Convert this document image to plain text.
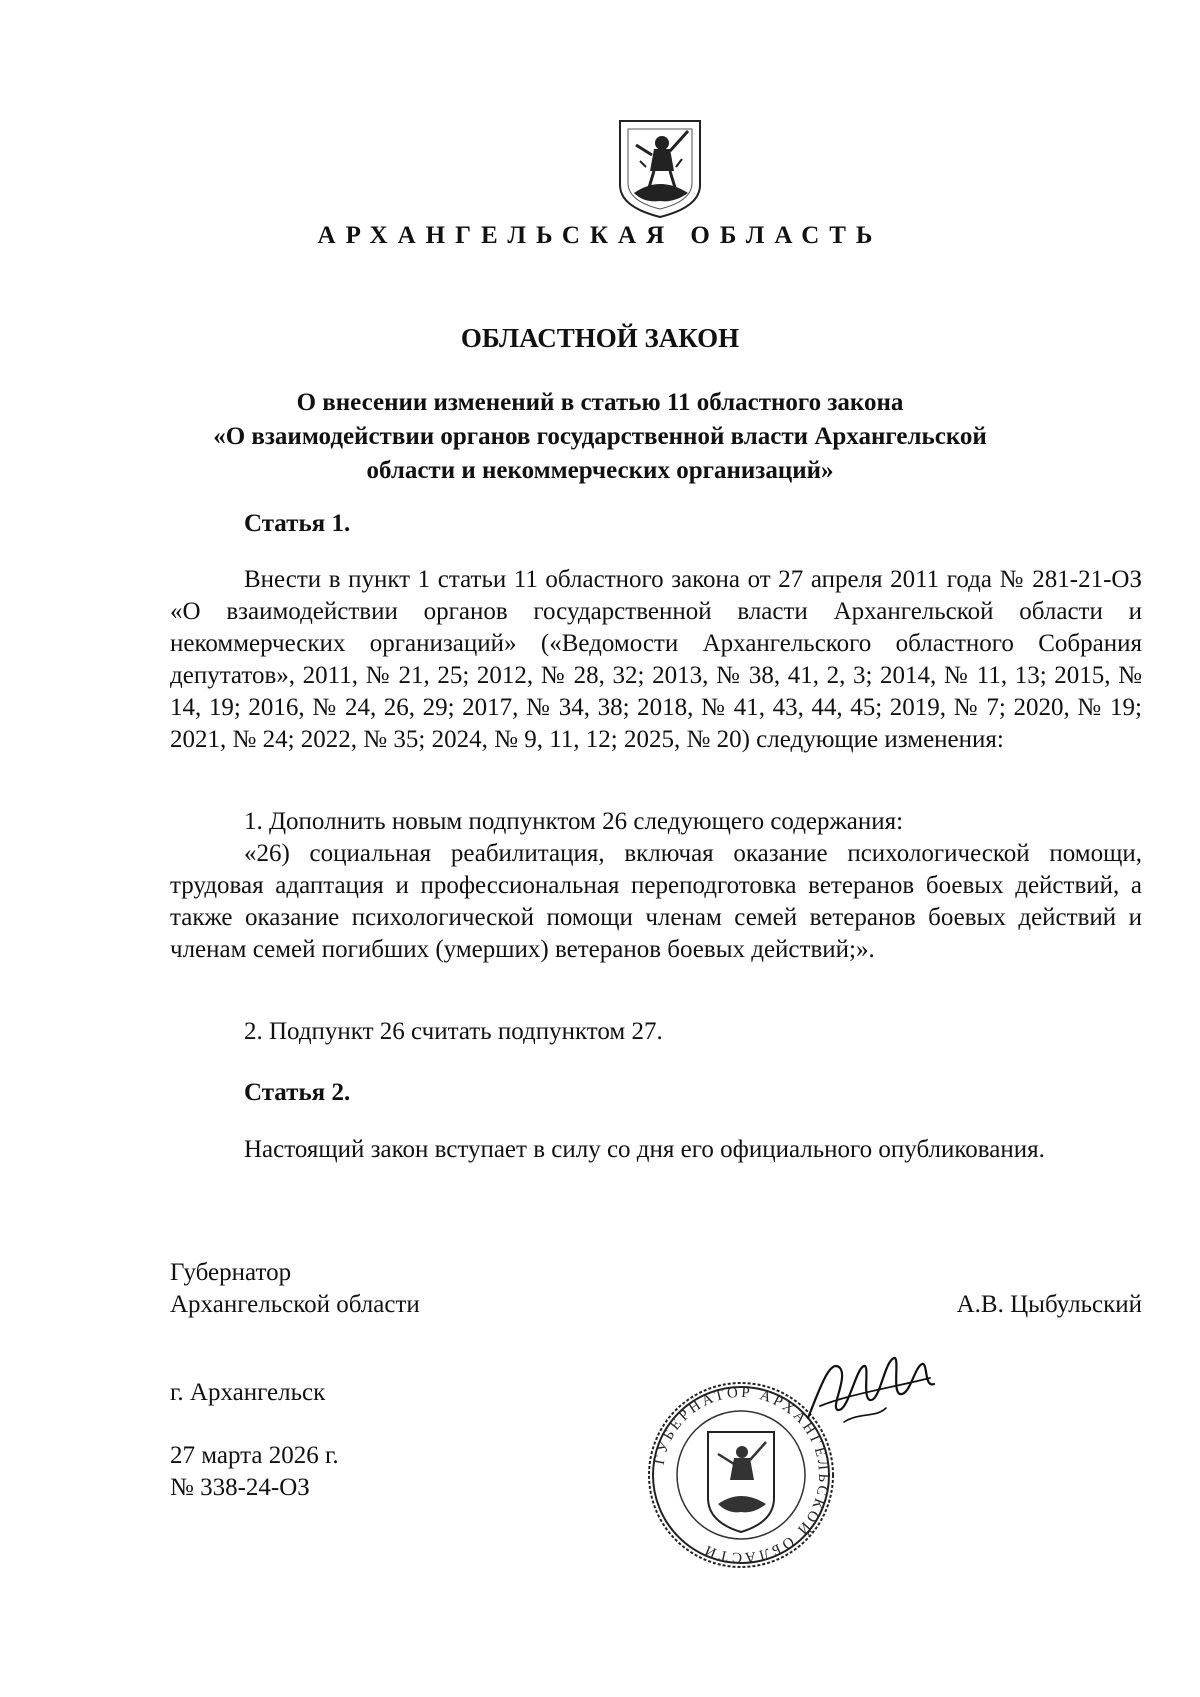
АРХАНГЕЛЬСКАЯ ОБЛАСТЬ
ОБЛАСТНОЙ ЗАКОН
О внесении изменений в статью 11 областного закона
«О взаимодействии органов государственной власти Архангельской
области и некоммерческих организаций»
Статья 1.
Внести в пункт 1 статьи 11 областного закона от 27 апреля 2011 года № 281-21-ОЗ «О взаимодействии органов государственной власти Архангельской области и некоммерческих организаций» («Ведомости Архангельского областного Собрания депутатов», 2011, № 21, 25; 2012, № 28, 32; 2013, № 38, 41, 2, 3; 2014, № 11, 13; 2015, № 14, 19; 2016, № 24, 26, 29; 2017, № 34, 38; 2018, № 41, 43, 44, 45; 2019, № 7; 2020, № 19; 2021, № 24; 2022, № 35; 2024, № 9, 11, 12; 2025, № 20) следующие изменения:
1. Дополнить новым подпунктом 26 следующего содержания:
«26) социальная реабилитация, включая оказание психологической помощи, трудовая адаптация и профессиональная переподготовка ветеранов боевых действий, а также оказание психологической помощи членам семей ветеранов боевых действий и членам семей погибших (умерших) ветеранов боевых действий;».
2. Подпункт 26 считать подпунктом 27.
Статья 2.
Настоящий закон вступает в силу со дня его официального опубликования.
Губернатор
Архангельской области	А.В. Цыбульский
ГУБЕРНАТОР АРХАНГЕЛЬСКОЙ ОБЛАСТИ
г. Архангельск
27 марта 2026 г.
№ 338-24-ОЗ
